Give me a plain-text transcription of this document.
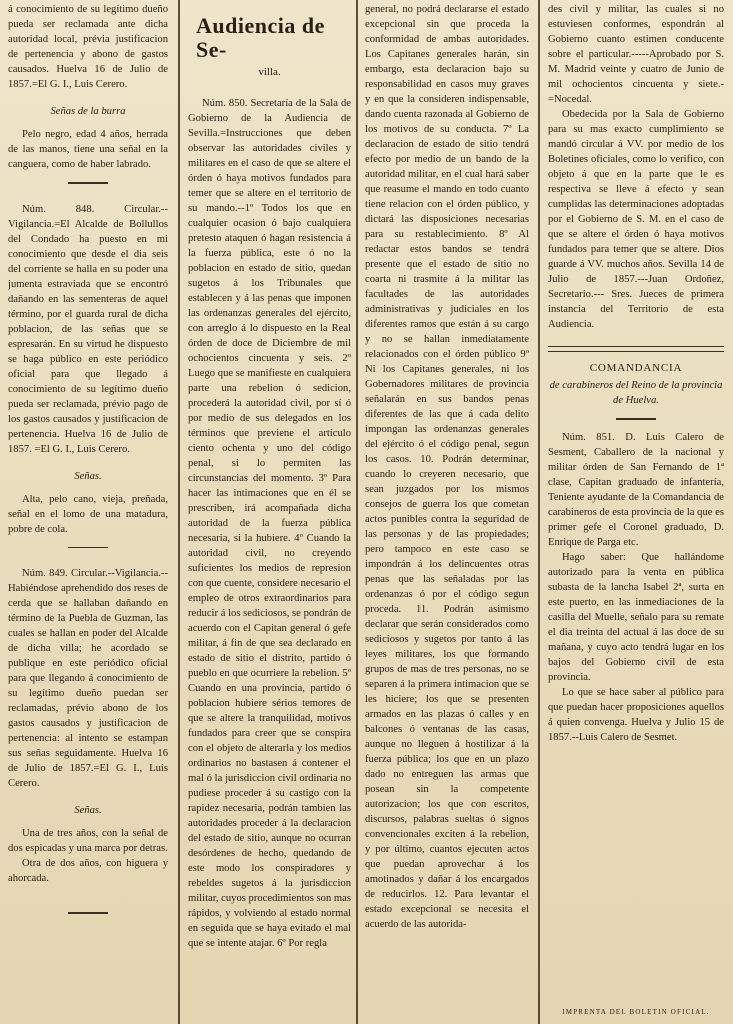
á conocimiento de su legítimo dueño pueda ser reclamada ante dicha autoridad local, prévia justificacion de pertenencia y abono de gastos causados. Huelva 16 de Julio de 1857.=El G. I., Luis Cerero.

Señas de la burra

Pelo negro, edad 4 años, herrada de las manos, tiene una señal en la canguera, como de haber labrado.

Núm. 848. Circular.--Vigilancia.=El Alcalde de Bollullos del Condado ha puesto en mi conocimiento que desde el dia seis del corriente se halla en su poder una jumenta estraviada que se encontró dañando en las sementeras de aquel término, por el guarda rural de dicha poblacion, de las señas que se espresarán. En su virtud he dispuesto se haga público en este periódico oficial para que llegado á conocimiento de su legítimo dueño pueda ser reclamada, prévio pago de los gastos causados y justificacion de pertenencia. Huelva 16 de Julio de 1857. =El G. I., Luis Cerero.

Señas.

Alta, pelo cano, vieja, preñada, señal en el lomo de una matadura, pobre de cola.

Núm. 849. Circular.--Vigilancia.--Habiéndose aprehendido dos reses de cerda que se hallaban dañando en término de la Puebla de Guzman, las cuales se hallan en poder del Alcalde de dicha villa; he acordado se publique en este periódico oficial para que llegando á conocimiento de su legítimo dueño puedan ser reclamadas, prévio abono de los gastos causados y justificacion de pertenencia: al intento se estampan sus señas seguidamente. Huelva 16 de Julio de 1857.=El G. I., Luis Cerero.

Señas.

Una de tres años, con la señal de dos espicadas y una marca por detras.

Otra de dos años, con higuera y ahorcada.

Audiencia de Se-
villa.

Núm. 850. Secretaría de la Sala de Gobierno de la Audiencia de Sevilla.=Instrucciones que deben observar las autoridades civiles y militares en el caso de que se altere el órden ó haya motivos fundados para temer que se altere en el territorio de su mando.--1º Todos los que en cualquier ocasion ó bajo cualquiera pretesto ataquen ó hagan resistencia á la fuerza pública, este ó no la poblacion en estado de sitio, quedan sugetos á los Tribunales que establecen y á las penas que imponen las ordenanzas generales del ejército, con arreglo á lo dispuesto en la Real órden de doce de Diciembre de mil ochocientos cincuenta y seis. 2º Luego que se manifieste en cualquiera parte una rebelion ó sedicion, procederá la autoridad civil, por sí ó por medio de sus delegados en los términos que previene el artículo ciento ochenta y uno del código penal, si lo permiten las circunstancias del momento. 3º Para hacer las intimaciones que en él se prescriben, irá acompañada dicha autoridad de la fuerza pública necesaria, si la hubiere. 4º Cuando la autoridad civil, no creyendo suficientes los medios de represion con que cuente, considere necesario el empleo de otros extraordinarios para reducir á los sediciosos, se pondrán de acuerdo con el Capitan general ó gefe militar, á fin de que sea declarado en estado de sitio el distrito, partido ó pueblo en que ocurriere la rebelion. 5º Cuando en una provincia, partido ó poblacion hubiere sérios temores de que se altere la tranquilidad, motivos fundados para creer que se conspira con el objeto de alterarla y los medios ordinarios no bastasen á contener el mal ó la jurisdiccion civil ordinaria no pudiese proceder á su castigo con la rapidez necesaria, podrán tambien las autoridades proceder á la declaracion del estado de sitio, aunque no ocurran desórdenes de hecho, quedando de este modo los conspiradores y rebeldes sugetos á la jurisdiccion militar, cuyos procedimientos son mas rápidos, y volviendo al estado normal en seguida que se haya evitado el mal que se intente atajar. 6º Por regla

general, no podrá declararse el estado excepcional sin que proceda la conformidad de ambas autoridades. Los Capitanes generales harán, sin embargo, esta declaracion bajo su responsabilidad en casos muy graves y en que la consideren indispensable, dando cuenta razonada al Gobierno de los motivos de su conducta. 7º La declaracion de estado de sitio tendrá efecto por medio de un bando de la autoridad militar, en el cual hará saber que reasume el mando en todo cuanto tiene relacion con el órden público, y dictará las disposiciones necesarias para su restablecimiento. 8º Al redactar estos bandos se tendrá presente que el estado de sitio no coarta ni trasmite á la militar las facultades de las autoridades administrativas y judiciales en los diferentes ramos que están á su cargo y no se hallan inmediatamente relacionados con el órden público 9º Ni los Capitanes generales, ni los Gobernadores militares de provincia señalarán en sus bandos penas diferentes de las que á cada delito impongan las ordenanzas generales del ejército ó el código penal, segun los casos. 10. Podrán determinar, cuando lo creyeren necesario, que sean juzgados por los mismos consejos de guerra los que cometan actos punibles contra la seguridad de las personas y de las propiedades; pero tampoco en este caso se impondrán á los delincuentes otras penas que las señaladas por las ordenanzas ó por el código segun proceda. 11. Podrán asimismo declarar que serán considerados como sediciosos y sugetos por tanto á las leyes militares, los que formando grupos de mas de tres personas, no se separen á la primera intimacion que se les hiciere; los que se presenten armados en las plazas ó calles y en balcones ó ventanas de las casas, aunque no lleguen á hostilizar á la fuerza pública; los que en un plazo dado no entreguen las armas que posean sin la competente autorizacion; los que con escritos, discursos, palabras sueltas ó signos convencionales exciten á la rebelion, y por último, cuantos ejecuten actos que puedan aprovechar á los amotinados y dañar á los encargados de reducirlos. 12. Para levantar el estado excepcional se necesita el acuerdo de las autorida-

des civil y militar, las cuales si no estuviesen conformes, espondrán al Gobierno cuanto estimen conducente sobre el particular.-----Aprobado por S. M. Madrid veinte y cuatro de Junio de mil ochocientos cincuenta y siete.-=Nocedal.

Obedecida por la Sala de Gobierno para su mas exacto cumplimiento se mandó circular á VV. por medio de los Boletines oficiales, como lo verifico, con objeto á que en la parte que le es respectiva se lleve á efecto y sean cumplidas las determinaciones adoptadas por el Gobierno de S. M. en el caso de que se altere el órden ó haya motivos fundados para temer que se altere. Dios guarde á VV. muchos años. Sevilla 14 de Julio de 1857.---Juan Ordoñez, Secretario.--- Sres. Jueces de primera instancia del Territorio de esta Audiencia.

COMANDANCIA

de carabineros del Reino de la provincia de Huelva.

Núm. 851. D. Luis Calero de Sesment, Caballero de la nacional y militar órden de San Fernando de 1ª clase, Capitan graduado de infantería, Teniente ayudante de la Comandancia de carabineros de esta provincia de la que es primer gefe el Coronel graduado, D. Enrique de Parga etc.

Hago saber: Que hallándome autorizado para la venta en pública subasta de la lancha Isabel 2ª, surta en este puerto, en las inmediaciones de la casilla del Muelle, señalo para su remate el dia treinta del actual á las doce de su mañana, y cuyo acto tendrá lugar en los bajos del Gobierno civil de esta provincia.

Lo que se hace saber al público para que puedan hacer proposiciones aquellos á quien convenga. Huelva y Julio 15 de 1857.--Luis Calero de Sesmet.

IMPRENTA DEL BOLETIN OFICIAL.
